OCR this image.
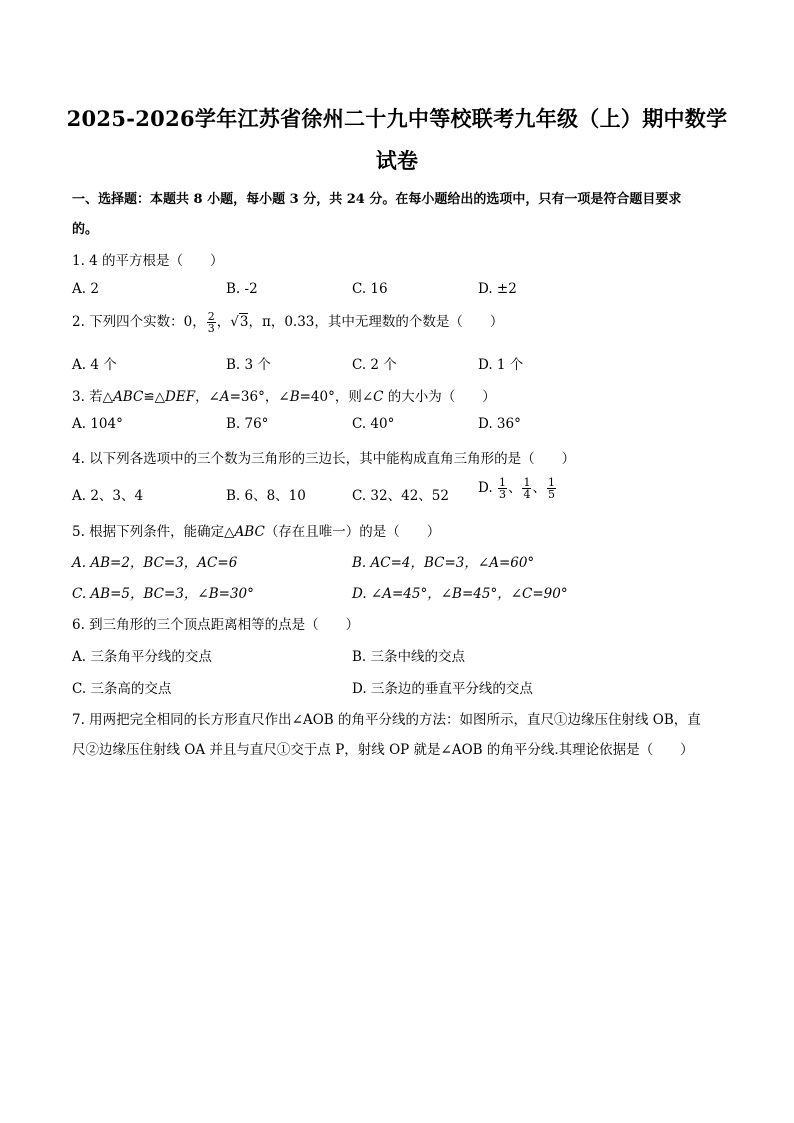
2025-2026学年江苏省徐州二十九中等校联考九年级（上）期中数学
试卷
一、选择题：本题共 8 小题，每小题 3 分，共 24 分。在每小题给出的选项中，只有一项是符合题目要求
的。
1. 4 的平方根是（　　）
A. 2	B. -2	C. 16	D. ±2
2. 下列四个实数：0， $\frac{2}{3}$ ，√3，π，0.33，其中无理数的个数是（　　）
A. 4 个	B. 3 个	C. 2 个	D. 1 个
3. 若△ABC≌△DEF，∠A=36°，∠B=40°，则∠C 的大小为（　　）
A. 104°	B. 76°	C. 40°	D. 36°
4. 以下列各选项中的三个数为三角形的三边长，其中能构成直角三角形的是（　　）
A. 2、3、4	B. 6、8、10	C. 32、42、52 D. $\frac{1}{3}$ 、 $\frac{1}{4}$ 、 $\frac{1}{5}$
5. 根据下列条件，能确定△ABC（存在且唯一）的是（　　）
A. AB=2，BC=3，AC=6	B. AC=4，BC=3，∠A=60°
C. AB=5，BC=3，∠B=30°	D. ∠A=45°，∠B=45°，∠C=90°
6. 到三角形的三个顶点距离相等的点是（　　）
A. 三条角平分线的交点	B. 三条中线的交点
C. 三条高的交点	D. 三条边的垂直平分线的交点
7. 用两把完全相同的长方形直尺作出∠AOB 的角平分线的方法：如图所示，直尺①边缘压住射线 OB，直
尺②边缘压住射线 OA 并且与直尺①交于点 P，射线 OP 就是∠AOB 的角平分线.其理论依据是（　　）
